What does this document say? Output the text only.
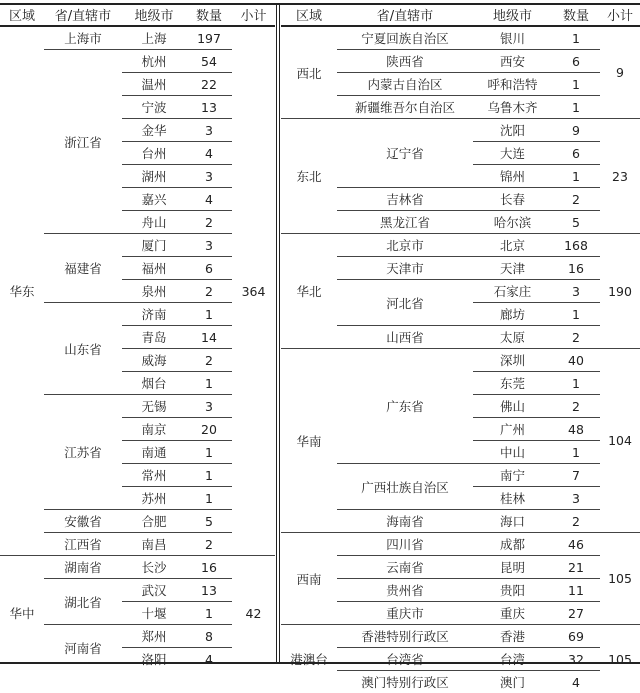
区域	省/直辖市	地级市	数量	小计
华东	上海市	上海	197	364
	浙江省	杭州	54	
		温州	22	
		宁波	13	
		金华	3	
		台州	4	
		湖州	3	
		嘉兴	4	
		舟山	2	
	福建省	厦门	3	
		福州	6	
		泉州	2	
	山东省	济南	1	
		青岛	14	
		威海	2	
		烟台	1	
	江苏省	无锡	3	
		南京	20	
		南通	1	
		常州	1	
		苏州	1	
	安徽省	合肥	5	
	江西省	南昌	2	
华中	湖南省	长沙	16	42
	湖北省	武汉	13	
		十堰	1	
	河南省	郑州	8	
		洛阳	4	
区域	省/直辖市	地级市	数量	小计
西北	宁夏回族自治区	银川	1	9
	陕西省	西安	6	
	内蒙古自治区	呼和浩特	1	
	新疆维吾尔自治区	乌鲁木齐	1	
东北	辽宁省	沈阳	9	23
		大连	6	
		锦州	1	
	吉林省	长春	2	
	黑龙江省	哈尔滨	5	
华北	北京市	北京	168	190
	天津市	天津	16	
	河北省	石家庄	3	
		廊坊	1	
	山西省	太原	2	
华南	广东省	深圳	40	104
		东莞	1	
		佛山	2	
		广州	48	
		中山	1	
	广西壮族自治区	南宁	7	
		桂林	3	
	海南省	海口	2	
西南	四川省	成都	46	105
	云南省	昆明	21	
	贵州省	贵阳	11	
	重庆市	重庆	27	
港澳台	香港特别行政区	香港	69	105
	台湾省	台湾	32	
	澳门特别行政区	澳门	4	
